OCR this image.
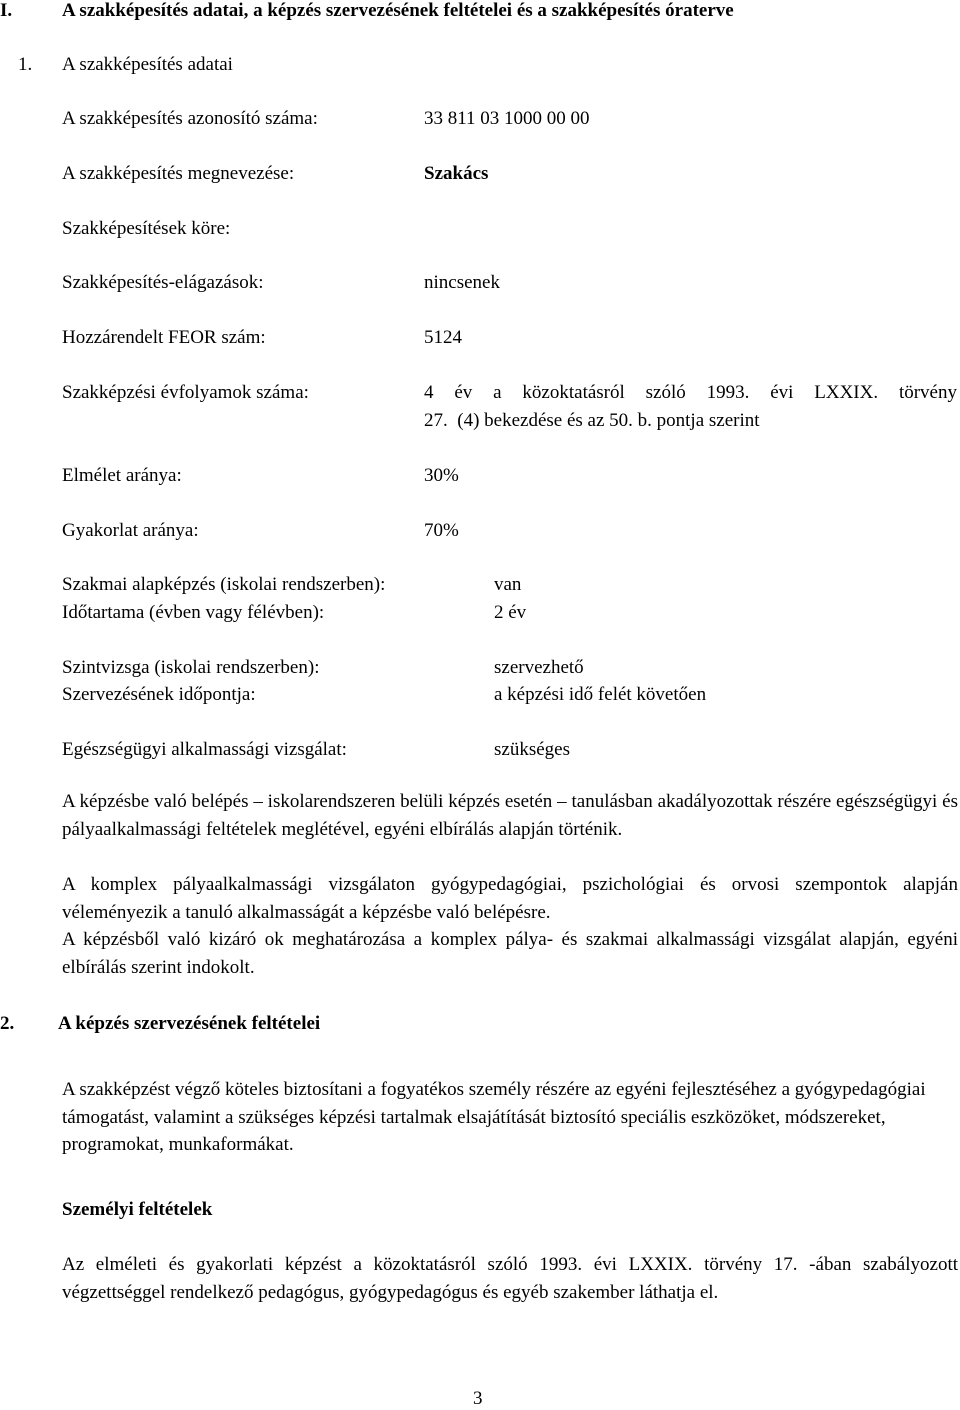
I.	A szakképesítés adatai, a képzés szervezésének feltételei és a szakképesítés óraterve
1. A szakképesítés adatai
A szakképesítés azonosító száma:	33 811 03 1000 00 00
A szakképesítés megnevezése:	Szakács
Szakképesítések köre:
Szakképesítés-elágazások:	nincsenek
Hozzárendelt FEOR szám:	5124
Szakképzési évfolyamok száma:	4 év a közoktatásról szóló 1993. évi LXXIX. törvény
27.  (4) bekezdése és az 50. b. pontja szerint
Elmélet aránya:	30%
Gyakorlat aránya:	70%
Szakmai alapképzés (iskolai rendszerben):	van
Időtartama (évben vagy félévben):	2 év
Szintvizsga (iskolai rendszerben):	szervezhető
Szervezésének időpontja:	a képzési idő felét követően
Egészségügyi alkalmassági vizsgálat:	szükséges
A képzésbe való belépés – iskolarendszeren belüli képzés esetén – tanulásban akadályozottak részére egészségügyi és pályaalkalmassági feltételek meglétével, egyéni elbírálás alapján történik.
A komplex pályaalkalmassági vizsgálaton gyógypedagógiai, pszichológiai és orvosi szempontok alapján véleményezik a tanuló alkalmasságát a képzésbe való belépésre.
A képzésből való kizáró ok meghatározása a komplex pálya- és szakmai alkalmassági vizsgálat alapján, egyéni elbírálás szerint indokolt.
2. A képzés szervezésének feltételei
A szakképzést végző köteles biztosítani a fogyatékos személy részére az egyéni fejlesztéséhez a gyógypedagógiai támogatást, valamint a szükséges képzési tartalmak elsajátítását biztosító speciális eszközöket, módszereket, programokat, munkaformákat.
Személyi feltételek
Az elméleti és gyakorlati képzést a közoktatásról szóló 1993. évi LXXIX. törvény 17. -ában szabályozott végzettséggel rendelkező pedagógus, gyógypedagógus és egyéb szakember láthatja el.
3
